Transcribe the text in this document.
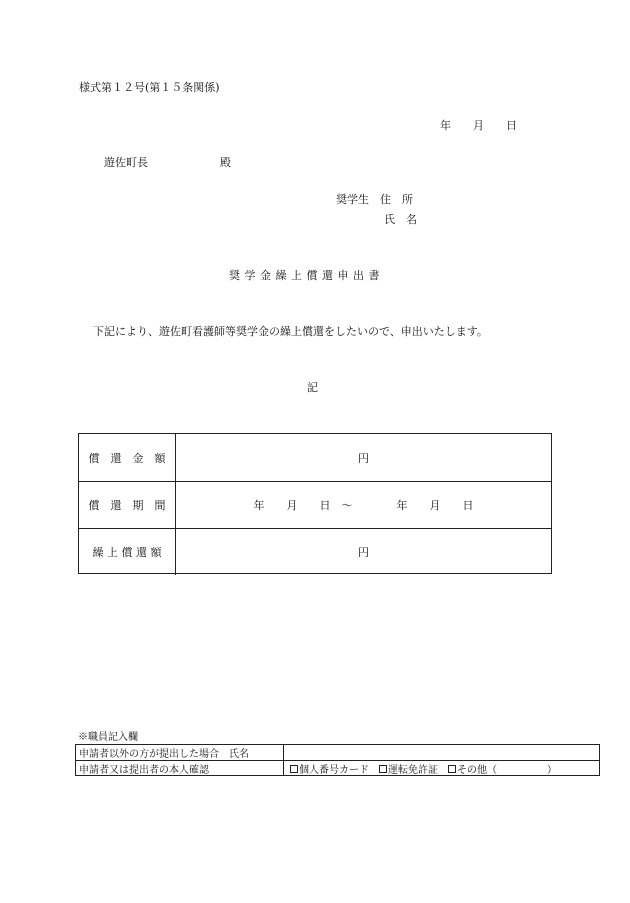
様式第１２号(第１５条関係)
年　　月　　日
遊佐町長	殿
奨学生　住　所
氏　名
奨 学 金 繰 上 償 還 申 出 書
下記により、遊佐町看護師等奨学金の繰上償還をしたいので、申出いたします。
記
償　還　金　額	円
償　還　期　間	年　　月　　日　～　　　　年　　月　　日
繰 上 償 還 額	円
※職員記入欄
申請者以外の方が提出した場合　氏名
申請者又は提出者の本人確認	個人番号カード 運転免許証 その他（　　　　　）
